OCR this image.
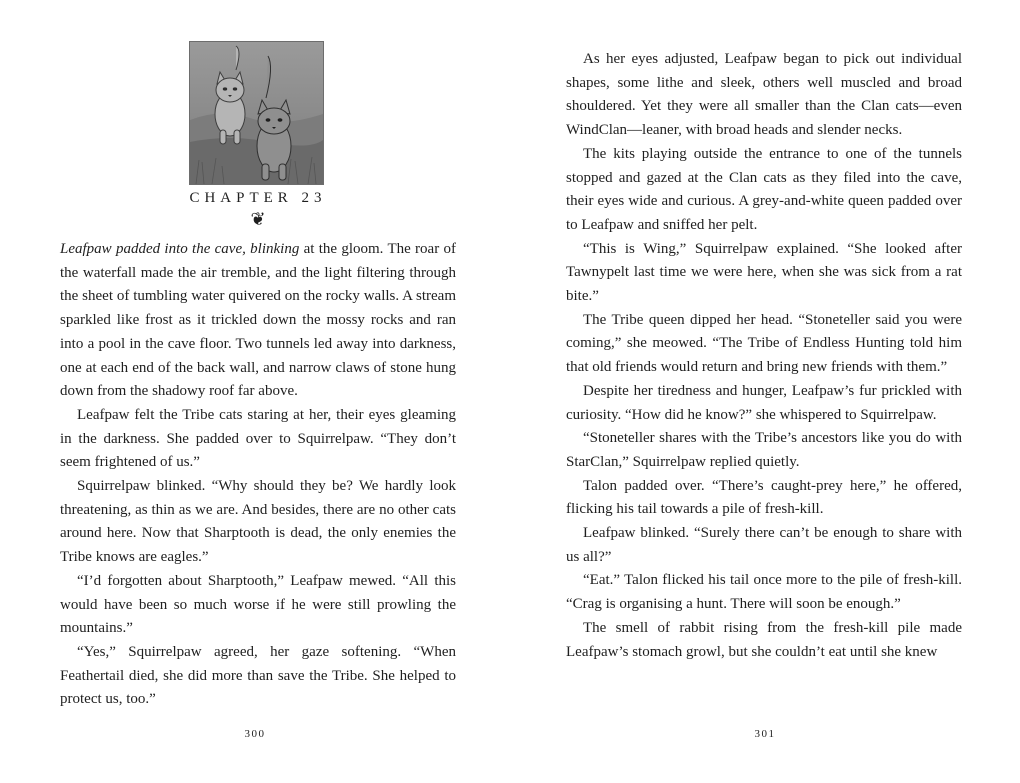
CHAPTER 23
❦

Leafpaw padded into the cave, blinking at the gloom. The roar of the waterfall made the air tremble, and the light filtering through the sheet of tumbling water quivered on the rocky walls. A stream sparkled like frost as it trickled down the mossy rocks and ran into a pool in the cave floor. Two tunnels led away into darkness, one at each end of the back wall, and narrow claws of stone hung down from the shadowy roof far above.

Leafpaw felt the Tribe cats staring at her, their eyes gleaming in the darkness. She padded over to Squirrelpaw. “They don’t seem frightened of us.”

Squirrelpaw blinked. “Why should they be? We hardly look threatening, as thin as we are. And besides, there are no other cats around here. Now that Sharptooth is dead, the only enemies the Tribe knows are eagles.”

“I’d forgotten about Sharptooth,” Leafpaw mewed. “All this would have been so much worse if he were still prowling the mountains.”

“Yes,” Squirrelpaw agreed, her gaze softening. “When Feathertail died, she did more than save the Tribe. She helped to protect us, too.”

300

As her eyes adjusted, Leafpaw began to pick out individual shapes, some lithe and sleek, others well muscled and broad shouldered. Yet they were all smaller than the Clan cats—even WindClan—leaner, with broad heads and slender necks.

The kits playing outside the entrance to one of the tunnels stopped and gazed at the Clan cats as they filed into the cave, their eyes wide and curious. A grey-and-white queen padded over to Leafpaw and sniffed her pelt.

“This is Wing,” Squirrelpaw explained. “She looked after Tawnypelt last time we were here, when she was sick from a rat bite.”

The Tribe queen dipped her head. “Stoneteller said you were coming,” she meowed. “The Tribe of Endless Hunting told him that old friends would return and bring new friends with them.”

Despite her tiredness and hunger, Leafpaw’s fur prickled with curiosity. “How did he know?” she whispered to Squirrelpaw.

“Stoneteller shares with the Tribe’s ancestors like you do with StarClan,” Squirrelpaw replied quietly.

Talon padded over. “There’s caught-prey here,” he offered, flicking his tail towards a pile of fresh-kill.

Leafpaw blinked. “Surely there can’t be enough to share with us all?”

“Eat.” Talon flicked his tail once more to the pile of fresh-kill. “Crag is organising a hunt. There will soon be enough.”

The smell of rabbit rising from the fresh-kill pile made Leafpaw’s stomach growl, but she couldn’t eat until she knew

301
